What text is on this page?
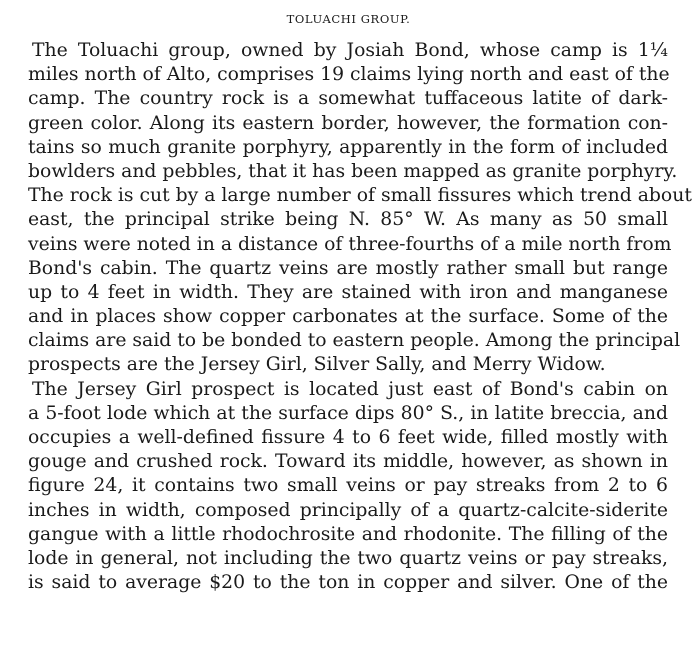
TOLUACHI GROUP.
The Toluachi group, owned by Josiah Bond, whose camp is 1¼
miles north of Alto, comprises 19 claims lying north and east of the
camp. The country rock is a somewhat tuffaceous latite of dark-
green color. Along its eastern border, however, the formation con-
tains so much granite porphyry, apparently in the form of included
bowlders and pebbles, that it has been mapped as granite porphyry.
The rock is cut by a large number of small fissures which trend about
east, the principal strike being N. 85° W. As many as 50 small
veins were noted in a distance of three-fourths of a mile north from
Bond's cabin. The quartz veins are mostly rather small but range
up to 4 feet in width. They are stained with iron and manganese
and in places show copper carbonates at the surface. Some of the
claims are said to be bonded to eastern people. Among the principal
prospects are the Jersey Girl, Silver Sally, and Merry Widow.
The Jersey Girl prospect is located just east of Bond's cabin on
a 5-foot lode which at the surface dips 80° S., in latite breccia, and
occupies a well-defined fissure 4 to 6 feet wide, filled mostly with
gouge and crushed rock. Toward its middle, however, as shown in
figure 24, it contains two small veins or pay streaks from 2 to 6
inches in width, composed principally of a quartz-calcite-siderite
gangue with a little rhodochrosite and rhodonite. The filling of the
lode in general, not including the two quartz veins or pay streaks,
is said to average $20 to the ton in copper and silver. One of the
